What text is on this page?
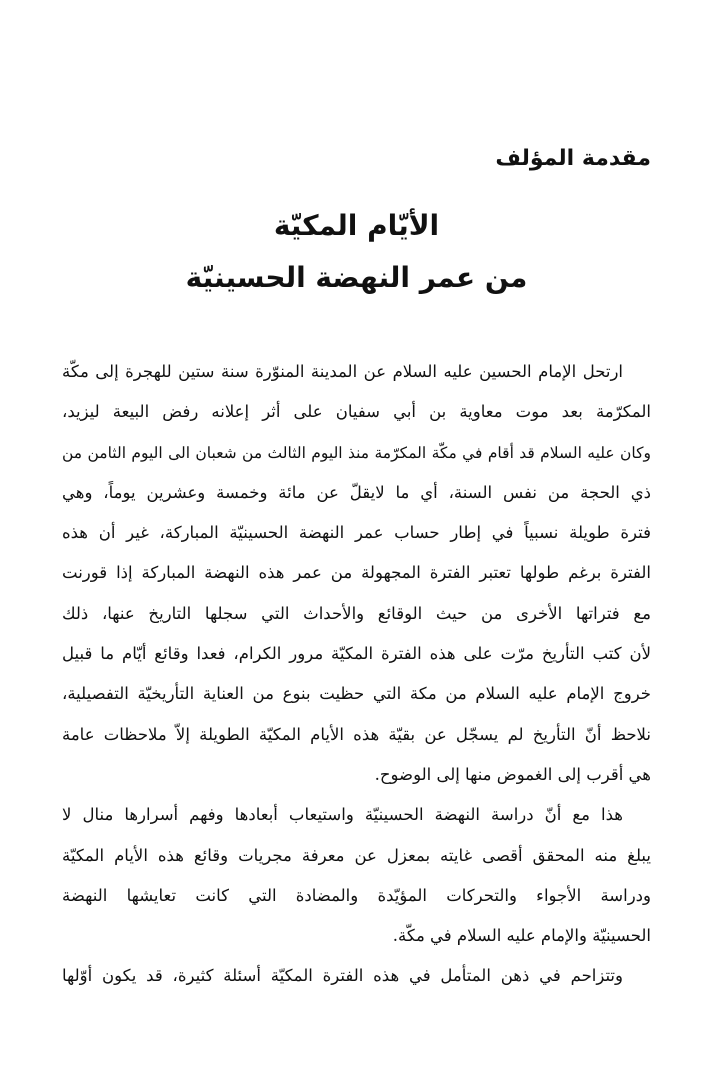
مقدمة المؤلف
الأيّام المكيّة
من عمر النهضة الحسينيّة
ارتحل الإمام الحسين عليه السلام عن المدينة المنوّرة سنة ستين للهجرة إلى مكّة
المكرّمة بعد موت معاوية بن أبي سفيان على أثر إعلانه رفض البيعة ليزيد،
وكان عليه السلام قد أقام في مكّة المكرّمة منذ اليوم الثالث من شعبان الى اليوم الثامن من
ذي الحجة من نفس السنة، أي ما لايقلّ عن مائة وخمسة وعشرين يوماً، وهي
فترة طويلة نسبياً في إطار حساب عمر النهضة الحسينيّة المباركة، غير أن هذه
الفترة برغم طولها تعتبر الفترة المجهولة من عمر هذه النهضة المباركة إذا قورنت
مع فتراتها الأخرى من حيث الوقائع والأحداث التي سجلها التاريخ عنها، ذلك
لأن كتب التأريخ مرّت على هذه الفترة المكيّة مرور الكرام، فعدا وقائع أيّام ما قبيل
خروج الإمام عليه السلام من مكة التي حظيت بنوع من العناية التأريخيّة التفصيلية،
نلاحظ أنّ التأريخ لم يسجّل عن بقيّة هذه الأيام المكيّة الطويلة إلاّ ملاحظات عامة
هي أقرب إلى الغموض منها إلى الوضوح.
هذا مع أنّ دراسة النهضة الحسينيّة واستيعاب أبعادها وفهم أسرارها منال لا
يبلغ منه المحقق أقصى غايته بمعزل عن معرفة مجريات وقائع هذه الأيام المكيّة
ودراسة الأجواء والتحركات المؤيّدة والمضادة التي كانت تعايشها النهضة
الحسينيّة والإمام عليه السلام في مكّة.
وتتزاحم في ذهن المتأمل في هذه الفترة المكيّة أسئلة كثيرة، قد يكون أوّلها
